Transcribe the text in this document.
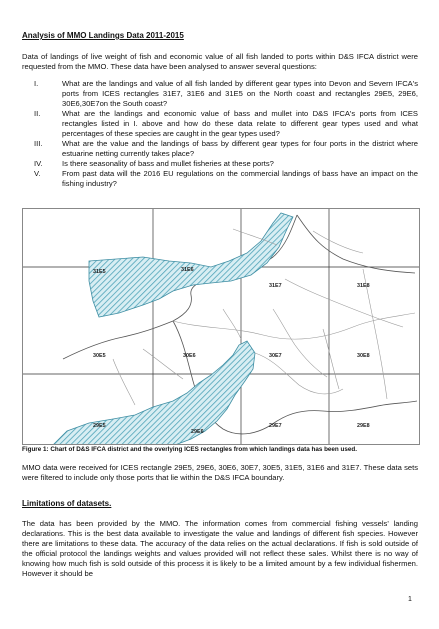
Analysis of MMO Landings Data 2011-2015
Data of landings of live weight of fish and economic value of all fish landed to ports within D&S IFCA district were requested from the MMO. These data have been analysed to answer several questions:
I.	What are the landings and value of all fish landed by different gear types into Devon and Severn IFCA's ports from ICES rectangles 31E7, 31E6 and 31E5 on the North coast and rectangles 29E5, 29E6, 30E6,30E7on the South coast?
II.	What are the landings and economic value of bass and mullet into D&S IFCA's ports from ICES rectangles listed in I. above and how do these data relate to different gear types used and what percentages of these species are caught in the gear types used?
III.	What are the value and the landings of bass by different gear types for four ports in the district where estuarine netting currently takes place?
IV.	Is there seasonality of bass and mullet fisheries at these ports?
V.	From past data will the 2016 EU regulations on the commercial landings of bass have an impact on the fishing industry?
31E5	31E6
31E7	31E8
30E5	30E6	30E7	30E8
29E5
29E6
29E7	29E8
Figure 1: Chart of D&S IFCA district and the overlying ICES rectangles from which landings data has been used.
MMO data were received for ICES rectangle 29E5, 29E6, 30E6, 30E7, 30E5, 31E5, 31E6 and 31E7. These data sets were filtered to include only those ports that lie within the D&S IFCA boundary.
Limitations of datasets.
The data has been provided by the MMO. The information comes from commercial fishing vessels' landing declarations. This is the best data available to investigate the value and landings of different fish species. However there are limitations to these data. The accuracy of the data relies on the actual declarations. If fish is sold outside of the official protocol the landings weights and values provided will not reflect these sales. Whilst there is no way of knowing how much fish is sold outside of this process it is likely to be a limited amount by a few individual fishermen. However it should be
1
